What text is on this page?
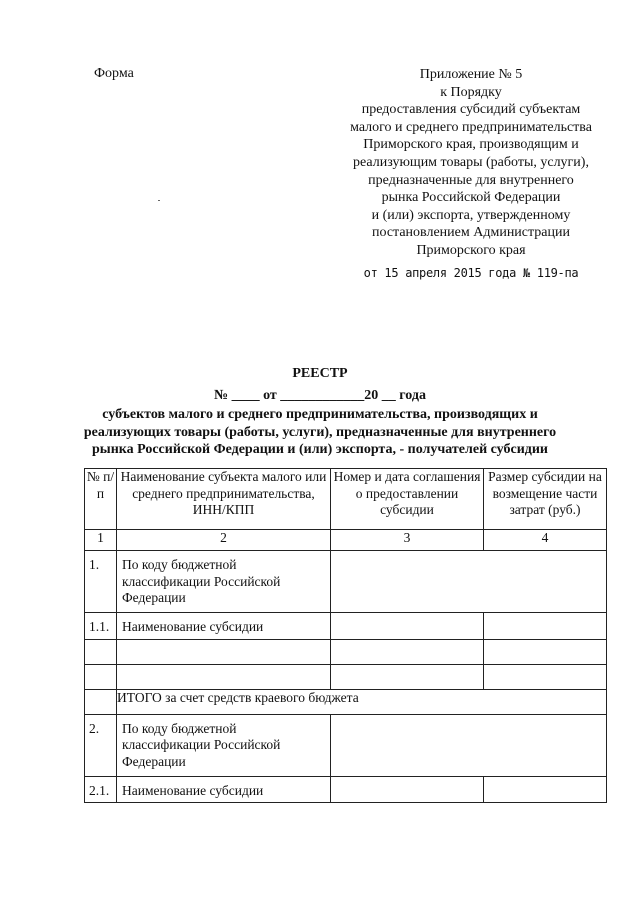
Форма	Приложение № 5
к Порядку
предоставления субсидий субъектам
малого и среднего предпринимательства
Приморского края, производящим и
реализующим товары (работы, услуги),
предназначенные для внутреннего
рынка Российской Федерации
и (или) экспорта, утвержденному
постановлением Администрации
Приморского края
от 15 апреля 2015 года № 119-па
РЕЕСТР
№ ____ от ____________20 __ года
субъектов малого и среднего предпринимательства, производящих и
реализующих товары (работы, услуги), предназначенные для внутреннего
рынка Российской Федерации и (или) экспорта, - получателей субсидии
№ п/п	Наименование субъекта малого или среднего предпринимательства, ИНН/КПП	Номер и дата соглашения о предоставлении субсидии	Размер субсидии на возмещение части затрат (руб.)
1	2	3	4
1.	По коду бюджетной классификации Российской Федерации		
1.1.	Наименование субсидии		

	ИТОГО за счет средств краевого бюджета		
2.	По коду бюджетной классификации Российской Федерации		
2.1.	Наименование субсидии		
